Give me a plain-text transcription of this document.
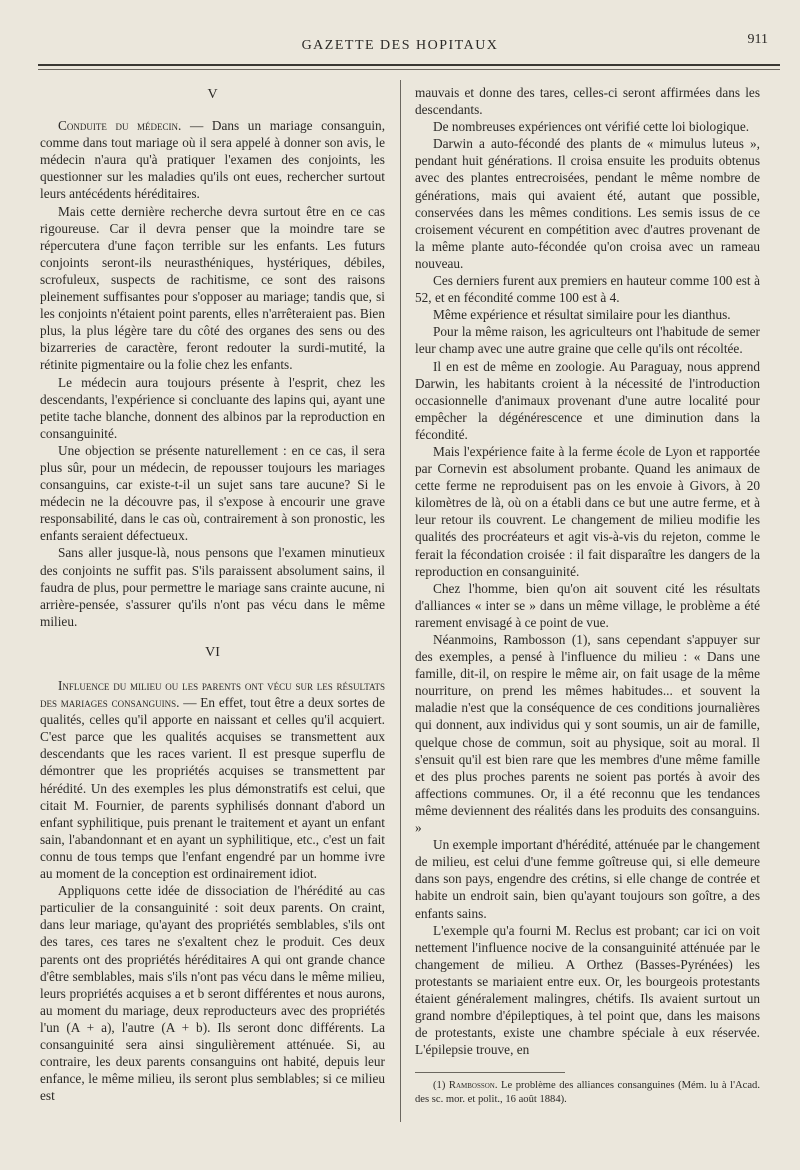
GAZETTE DES HOPITAUX	911

V

Conduite du médecin. — Dans un mariage consanguin, comme dans tout mariage où il sera appelé à donner son avis, le médecin n'aura qu'à pratiquer l'examen des conjoints, les questionner sur les maladies qu'ils ont eues, rechercher surtout leurs antécédents héréditaires.

Mais cette dernière recherche devra surtout être en ce cas rigoureuse. Car il devra penser que la moindre tare se répercutera d'une façon terrible sur les enfants. Les futurs conjoints seront-ils neurasthéniques, hystériques, débiles, scrofuleux, suspects de rachitisme, ce sont des raisons pleinement suffisantes pour s'opposer au mariage; tandis que, si les conjoints n'étaient point parents, elles n'arrêteraient pas. Bien plus, la plus légère tare du côté des organes des sens ou des bizarreries de caractère, feront redouter la surdi-mutité, la rétinite pigmentaire ou la folie chez les enfants.

Le médecin aura toujours présente à l'esprit, chez les descendants, l'expérience si concluante des lapins qui, ayant une petite tache blanche, donnent des albinos par la reproduction en consanguinité.

Une objection se présente naturellement : en ce cas, il sera plus sûr, pour un médecin, de repousser toujours les mariages consanguins, car existe-t-il un sujet sans tare aucune? Si le médecin ne la découvre pas, il s'expose à encourir une grave responsabilité, dans le cas où, contrairement à son pronostic, les enfants seraient défectueux.

Sans aller jusque-là, nous pensons que l'examen minutieux des conjoints ne suffit pas. S'ils paraissent absolument sains, il faudra de plus, pour permettre le mariage sans crainte aucune, ni arrière-pensée, s'assurer qu'ils n'ont pas vécu dans le même milieu.

VI

Influence du milieu ou les parents ont vécu sur les résultats des mariages consanguins. — En effet, tout être a deux sortes de qualités, celles qu'il apporte en naissant et celles qu'il acquiert. C'est parce que les qualités acquises se transmettent aux descendants que les races varient. Il est presque superflu de démontrer que les propriétés acquises se transmettent par hérédité. Un des exemples les plus démonstratifs est celui, que citait M. Fournier, de parents syphilisés donnant d'abord un enfant syphilitique, puis prenant le traitement et ayant un enfant sain, l'abandonnant et en ayant un syphilitique, etc., c'est un fait connu de tous temps que l'enfant engendré par un homme ivre au moment de la conception est ordinairement idiot.

Appliquons cette idée de dissociation de l'hérédité au cas particulier de la consanguinité : soit deux parents. On craint, dans leur mariage, qu'ayant des propriétés semblables, s'ils ont des tares, ces tares ne s'exaltent chez le produit. Ces deux parents ont des propriétés héréditaires A qui ont grande chance d'être semblables, mais s'ils n'ont pas vécu dans le même milieu, leurs propriétés acquises a et b seront différentes et nous aurons, au moment du mariage, deux reproducteurs avec des propriétés l'un (A + a), l'autre (A + b). Ils seront donc différents. La consanguinité sera ainsi singulièrement atténuée. Si, au contraire, les deux parents consanguins ont habité, depuis leur enfance, le même milieu, ils seront plus semblables; si ce milieu est

mauvais et donne des tares, celles-ci seront affirmées dans les descendants.

De nombreuses expériences ont vérifié cette loi biologique.

Darwin a auto-fécondé des plants de « mimulus luteus », pendant huit générations. Il croisa ensuite les produits obtenus avec des plantes entrecroisées, pendant le même nombre de générations, mais qui avaient été, autant que possible, conservées dans les mêmes conditions. Les semis issus de ce croisement vécurent en compétition avec d'autres provenant de la même plante auto-fécondée qu'on croisa avec un rameau nouveau.

Ces derniers furent aux premiers en hauteur comme 100 est à 52, et en fécondité comme 100 est à 4.

Même expérience et résultat similaire pour les dianthus.

Pour la même raison, les agriculteurs ont l'habitude de semer leur champ avec une autre graine que celle qu'ils ont récoltée.

Il en est de même en zoologie. Au Paraguay, nous apprend Darwin, les habitants croient à la nécessité de l'introduction occasionnelle d'animaux provenant d'une autre localité pour empêcher la dégénérescence et une diminution dans la fécondité.

Mais l'expérience faite à la ferme école de Lyon et rapportée par Cornevin est absolument probante. Quand les animaux de cette ferme ne reproduisent pas on les envoie à Givors, à 20 kilomètres de là, où on a établi dans ce but une autre ferme, et à leur retour ils couvrent. Le changement de milieu modifie les qualités des procréateurs et agit vis-à-vis du rejeton, comme le ferait la fécondation croisée : il fait disparaître les dangers de la reproduction en consanguinité.

Chez l'homme, bien qu'on ait souvent cité les résultats d'alliances « inter se » dans un même village, le problème a été rarement envisagé à ce point de vue.

Néanmoins, Rambosson (1), sans cependant s'appuyer sur des exemples, a pensé à l'influence du milieu : « Dans une famille, dit-il, on respire le même air, on fait usage de la même nourriture, on prend les mêmes habitudes... et souvent la maladie n'est que la conséquence de ces conditions journalières qui donnent, aux individus qui y sont soumis, un air de famille, quelque chose de commun, soit au physique, soit au moral. Il s'ensuit qu'il est bien rare que les membres d'une même famille et des plus proches parents ne soient pas portés à avoir des affections communes. Or, il a été reconnu que les tendances même deviennent des réalités dans les produits des consanguins. »

Un exemple important d'hérédité, atténuée par le changement de milieu, est celui d'une femme goîtreuse qui, si elle demeure dans son pays, engendre des crétins, si elle change de contrée et habite un endroit sain, bien qu'ayant toujours son goître, a des enfants sains.

L'exemple qu'a fourni M. Reclus est probant; car ici on voit nettement l'influence nocive de la consanguinité atténuée par le changement de milieu. A Orthez (Basses-Pyrénées) les protestants se mariaient entre eux. Or, les bourgeois protestants étaient généralement malingres, chétifs. Ils avaient surtout un grand nombre d'épileptiques, à tel point que, dans les maisons de protestants, existe une chambre spéciale à eux réservée. L'épilepsie trouve, en

(1) Rambosson. Le problème des alliances consanguines (Mém. lu à l'Acad. des sc. mor. et polit., 16 août 1884).
